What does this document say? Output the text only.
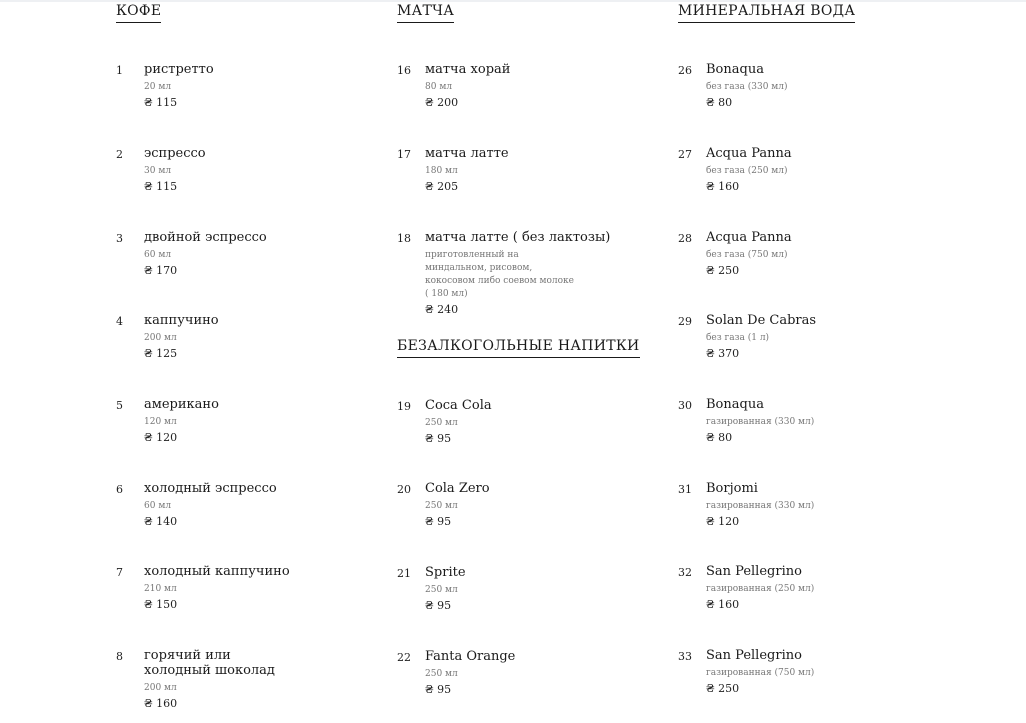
КОФЕ
1 ристретто
20 мл
₴ 115
2 эспрессо
30 мл
₴ 115
3 двойной эспрессо
60 мл
₴ 170
4 каппучино
200 мл
₴ 125
5 американо
120 мл
₴ 120
6 холодный эспрессо
60 мл
₴ 140
7 холодный каппучино
210 мл
₴ 150
8 горячий или холодный шоколад
200 мл
₴ 160
МАТЧА
16 матча хорай
80 мл
₴ 200
17 матча латте
180 мл
₴ 205
18 матча латте ( без лактозы)
приготовленный на миндальном, рисовом, кокосовом либо соевом молоке ( 180 мл)
₴ 240
БЕЗАЛКОГОЛЬНЫЕ НАПИТКИ
19 Coca Cola
250 мл
₴ 95
20 Cola Zero
250 мл
₴ 95
21 Sprite
250 мл
₴ 95
22 Fanta Orange
250 мл
₴ 95
МИНЕРАЛЬНАЯ ВОДА
26 Bonaqua
без газа (330 мл)
₴ 80
27 Acqua Panna
без газа (250 мл)
₴ 160
28 Acqua Panna
без газа (750 мл)
₴ 250
29 Solan De Cabras
без газа (1 л)
₴ 370
30 Bonaqua
газированная (330 мл)
₴ 80
31 Borjomi
газированная (330 мл)
₴ 120
32 San Pellegrino
газированная (250 мл)
₴ 160
33 San Pellegrino
газированная (750 мл)
₴ 250
